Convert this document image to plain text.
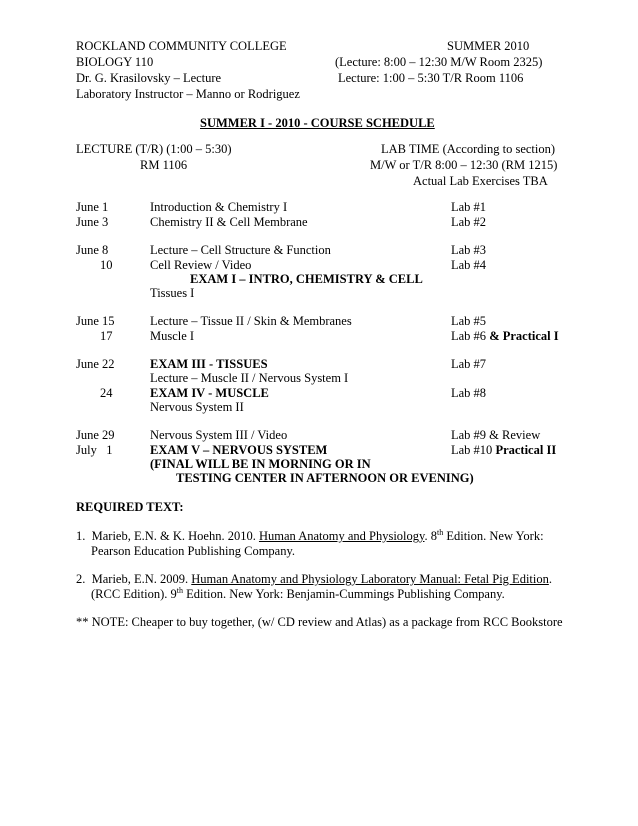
ROCKLAND COMMUNITY COLLEGE
BIOLOGY 110
Dr. G. Krasilovsky – Lecture
Laboratory Instructor – Manno or Rodriguez
SUMMER 2010
(Lecture: 8:00 – 12:30 M/W Room 2325)
Lecture: 1:00 – 5:30 T/R Room 1106
SUMMER I - 2010 - COURSE SCHEDULE
LECTURE (T/R) (1:00 – 5:30)
RM 1106
LAB TIME (According to section)
M/W or T/R 8:00 – 12:30 (RM 1215)
Actual Lab Exercises TBA
June 1	Introduction & Chemistry I	Lab #1
June 3	Chemistry II & Cell Membrane	Lab #2
June 8	Lecture – Cell Structure & Function	Lab #3
10	Cell Review / Video	Lab #4
EXAM I – INTRO, CHEMISTRY & CELL
Tissues I
June 15	Lecture – Tissue II / Skin & Membranes	Lab #5
17	Muscle I	Lab #6 & Practical I
June 22	EXAM III - TISSUES	Lab #7
Lecture – Muscle II / Nervous System I
24	EXAM IV - MUSCLE	Lab #8
Nervous System II
June 29	Nervous System III / Video	Lab #9 & Review
July   1	EXAM V – NERVOUS SYSTEM	Lab #10 Practical II
(FINAL WILL BE IN MORNING OR IN
TESTING CENTER IN AFTERNOON OR EVENING)
REQUIRED TEXT:
1. Marieb, E.N. & K. Hoehn. 2010. Human Anatomy and Physiology. 8th Edition. New York:
Pearson Education Publishing Company.
2. Marieb, E.N. 2009. Human Anatomy and Physiology Laboratory Manual: Fetal Pig Edition.
(RCC Edition). 9th Edition. New York: Benjamin-Cummings Publishing Company.
** NOTE: Cheaper to buy together, (w/ CD review and Atlas) as a package from RCC Bookstore
